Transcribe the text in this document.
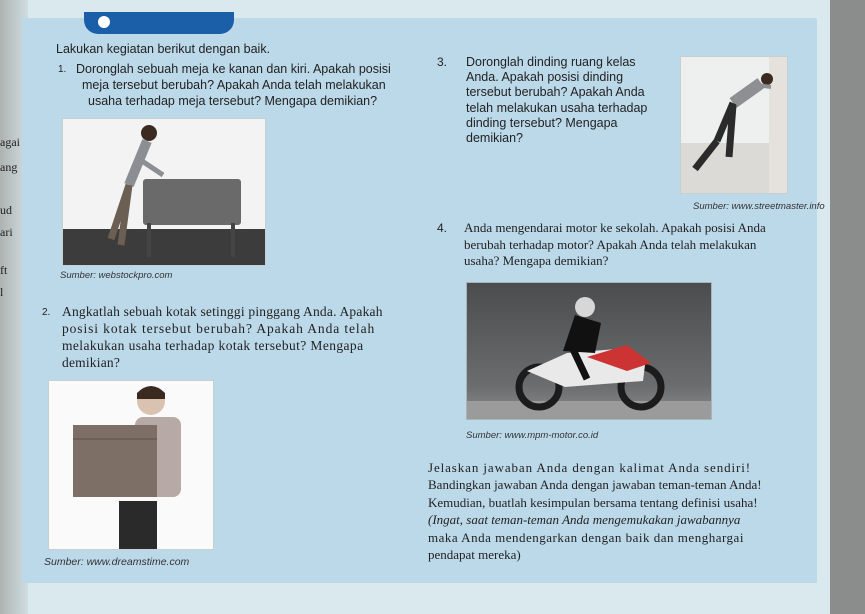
agai
ang
ud
ari
ft
l
Lakukan kegiatan berikut dengan baik.
1. Doronglah sebuah meja ke kanan dan kiri. Apakah posisi
meja tersebut berubah? Apakah Anda telah melakukan
usaha terhadap meja tersebut? Mengapa demikian?
Sumber: webstockpro.com
2. Angkatlah sebuah kotak setinggi pinggang Anda. Apakah
posisi kotak tersebut berubah? Apakah Anda telah
melakukan usaha terhadap kotak tersebut? Mengapa
demikian?
Sumber: www.dreamstime.com
3. Doronglah dinding ruang kelas
Anda. Apakah posisi dinding
tersebut berubah? Apakah Anda
telah melakukan usaha terhadap
dinding tersebut? Mengapa
demikian?
Sumber: www.streetmaster.info
4. Anda mengendarai motor ke sekolah. Apakah posisi Anda
berubah terhadap motor? Apakah Anda telah melakukan
usaha? Mengapa demikian?
Sumber: www.mpm-motor.co.id
Jelaskan jawaban Anda dengan kalimat Anda sendiri!
Bandingkan jawaban Anda dengan jawaban teman-teman Anda!
Kemudian, buatlah kesimpulan bersama tentang definisi usaha!
(Ingat, saat teman-teman Anda mengemukakan jawabannya
maka Anda mendengarkan dengan baik dan menghargai
pendapat mereka)
